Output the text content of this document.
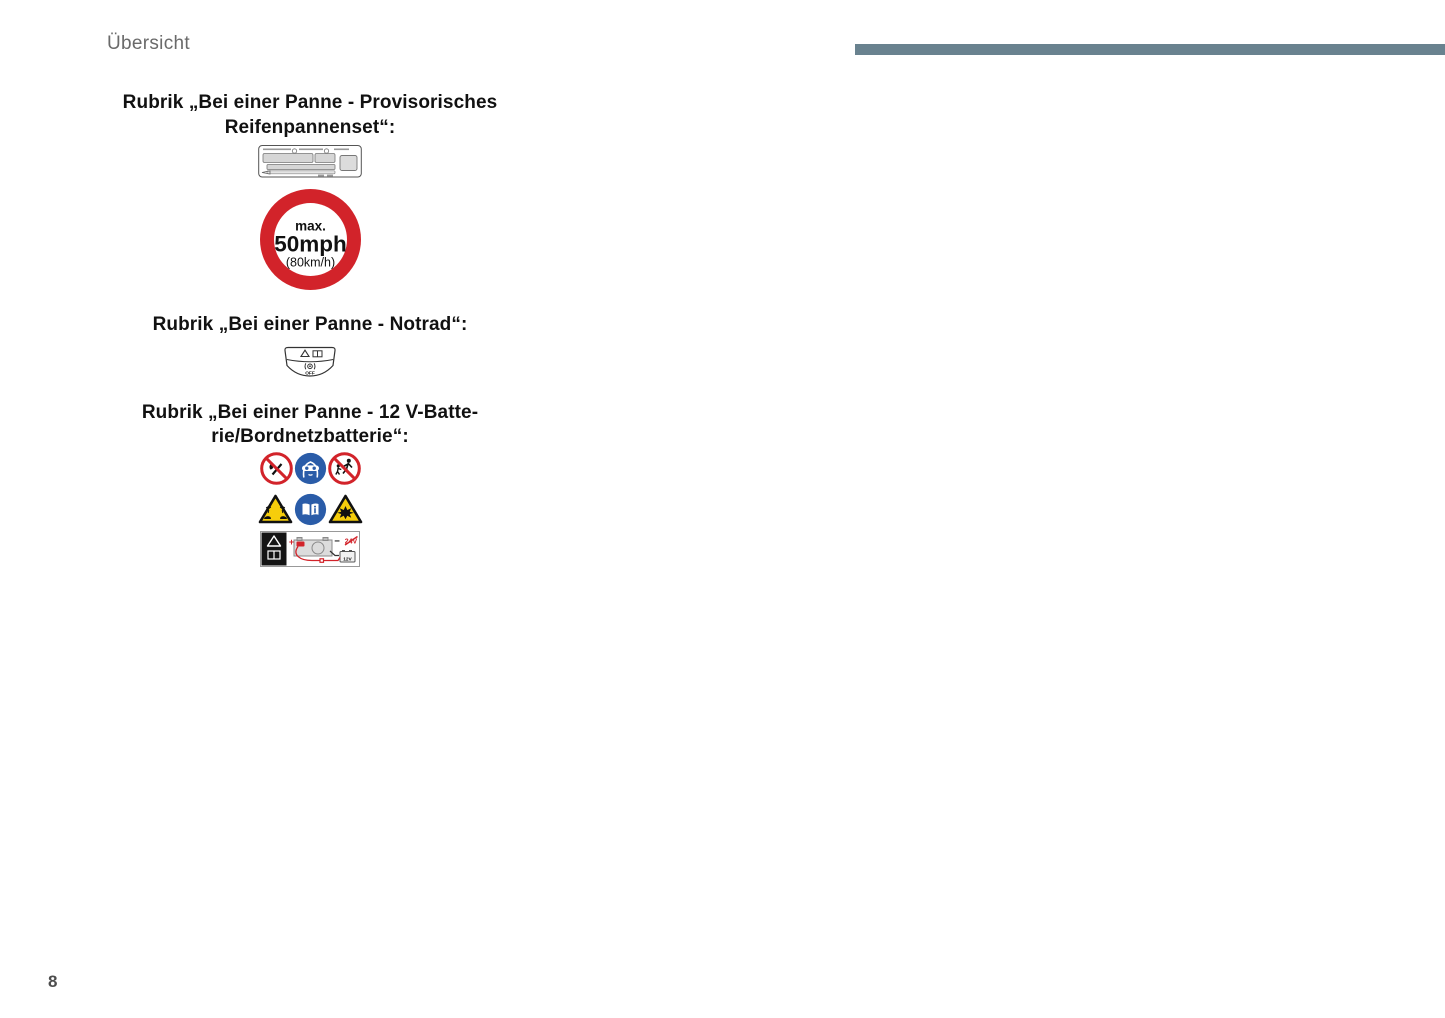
Übersicht
Rubrik „Bei einer Panne - Provisorisches
Reifenpannenset“:
max.
50mph
(80km/h)
Rubrik „Bei einer Panne - Notrad“:
OFF
Rubrik „Bei einer Panne - 12 V-Batte-
rie/Bordnetzbatterie“:
+	− 24V
12V
8
